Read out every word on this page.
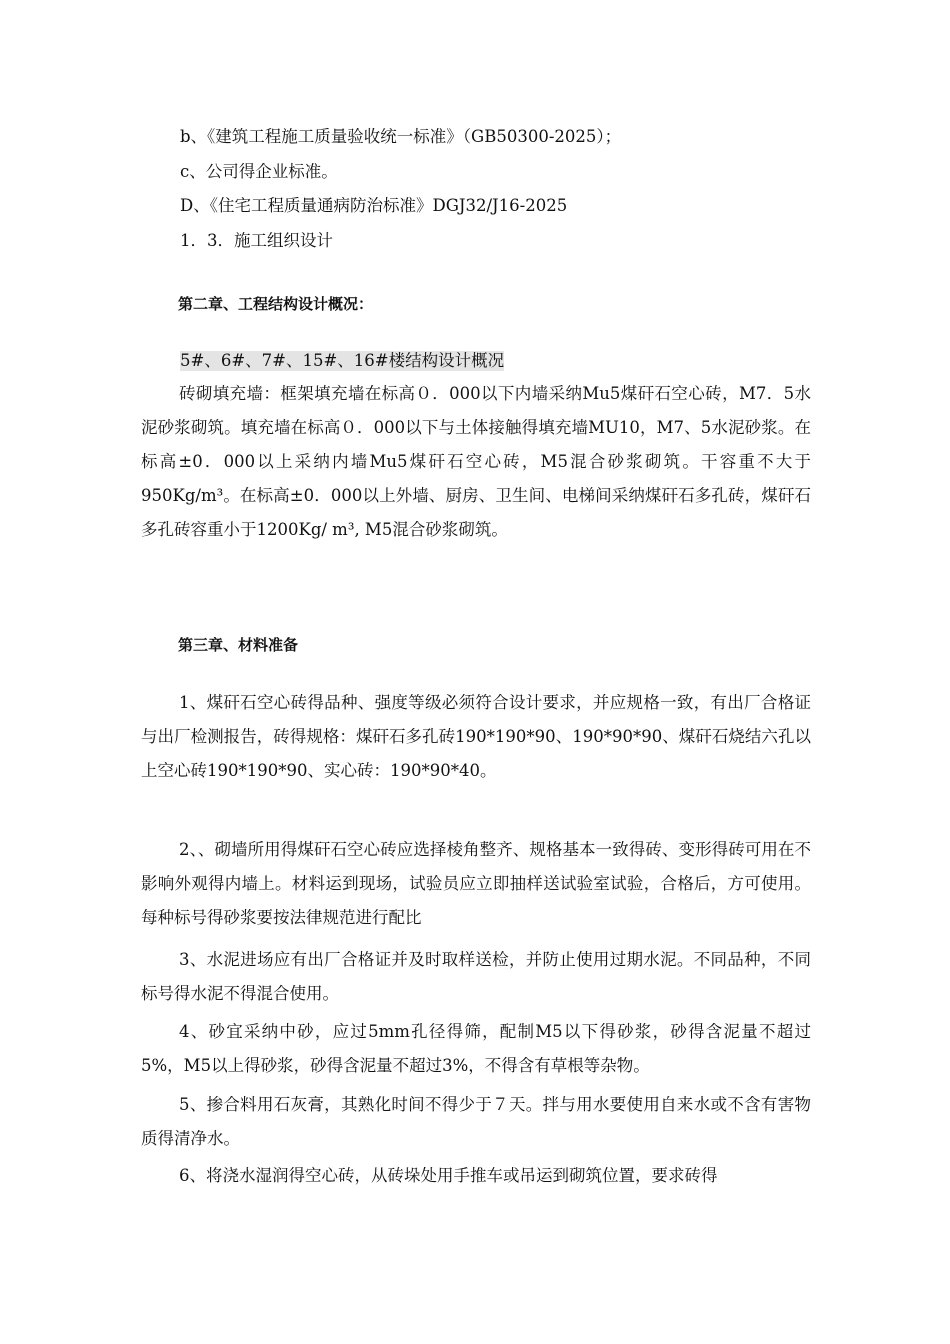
b、《建筑工程施工质量验收统一标准》（GB50300-2025）；
c、公司得企业标准。
D、《住宅工程质量通病防治标准》DGJ32/J16-2025
1．3．施工组织设计
第二章、工程结构设计概况：
5#、6#、7#、15#、16#楼结构设计概况
砖砌填充墙：框架填充墙在标高０．000以下内墙采纳Mu5煤矸石空心砖，M7．5水泥砂浆砌筑。填充墙在标高０．000以下与土体接触得填充墙MU10，M7、5水泥砂浆。在标高±0．000以上采纳内墙Mu5煤矸石空心砖，M5混合砂浆砌筑。干容重不大于950Kg/m³。在标高±0．000以上外墙、厨房、卫生间、电梯间采纳煤矸石多孔砖，煤矸石多孔砖容重小于1200Kg/ m³, M5混合砂浆砌筑。
第三章、材料准备
1、煤矸石空心砖得品种、强度等级必须符合设计要求，并应规格一致，有出厂合格证与出厂检测报告，砖得规格：煤矸石多孔砖190*190*90、190*90*90、煤矸石烧结六孔以上空心砖190*190*90、实心砖：190*90*40。
2、、砌墙所用得煤矸石空心砖应选择棱角整齐、规格基本一致得砖、变形得砖可用在不影响外观得内墙上。材料运到现场，试验员应立即抽样送试验室试验，合格后，方可使用。每种标号得砂浆要按法律规范进行配比
3、水泥进场应有出厂合格证并及时取样送检，并防止使用过期水泥。不同品种，不同标号得水泥不得混合使用。
4、砂宜采纳中砂，应过5mm孔径得筛，配制M5以下得砂浆，砂得含泥量不超过5%，M5以上得砂浆，砂得含泥量不超过3%，不得含有草根等杂物。
5、掺合料用石灰膏，其熟化时间不得少于７天。拌与用水要使用自来水或不含有害物质得清净水。
6、将浇水湿润得空心砖，从砖垛处用手推车或吊运到砌筑位置，要求砖得
